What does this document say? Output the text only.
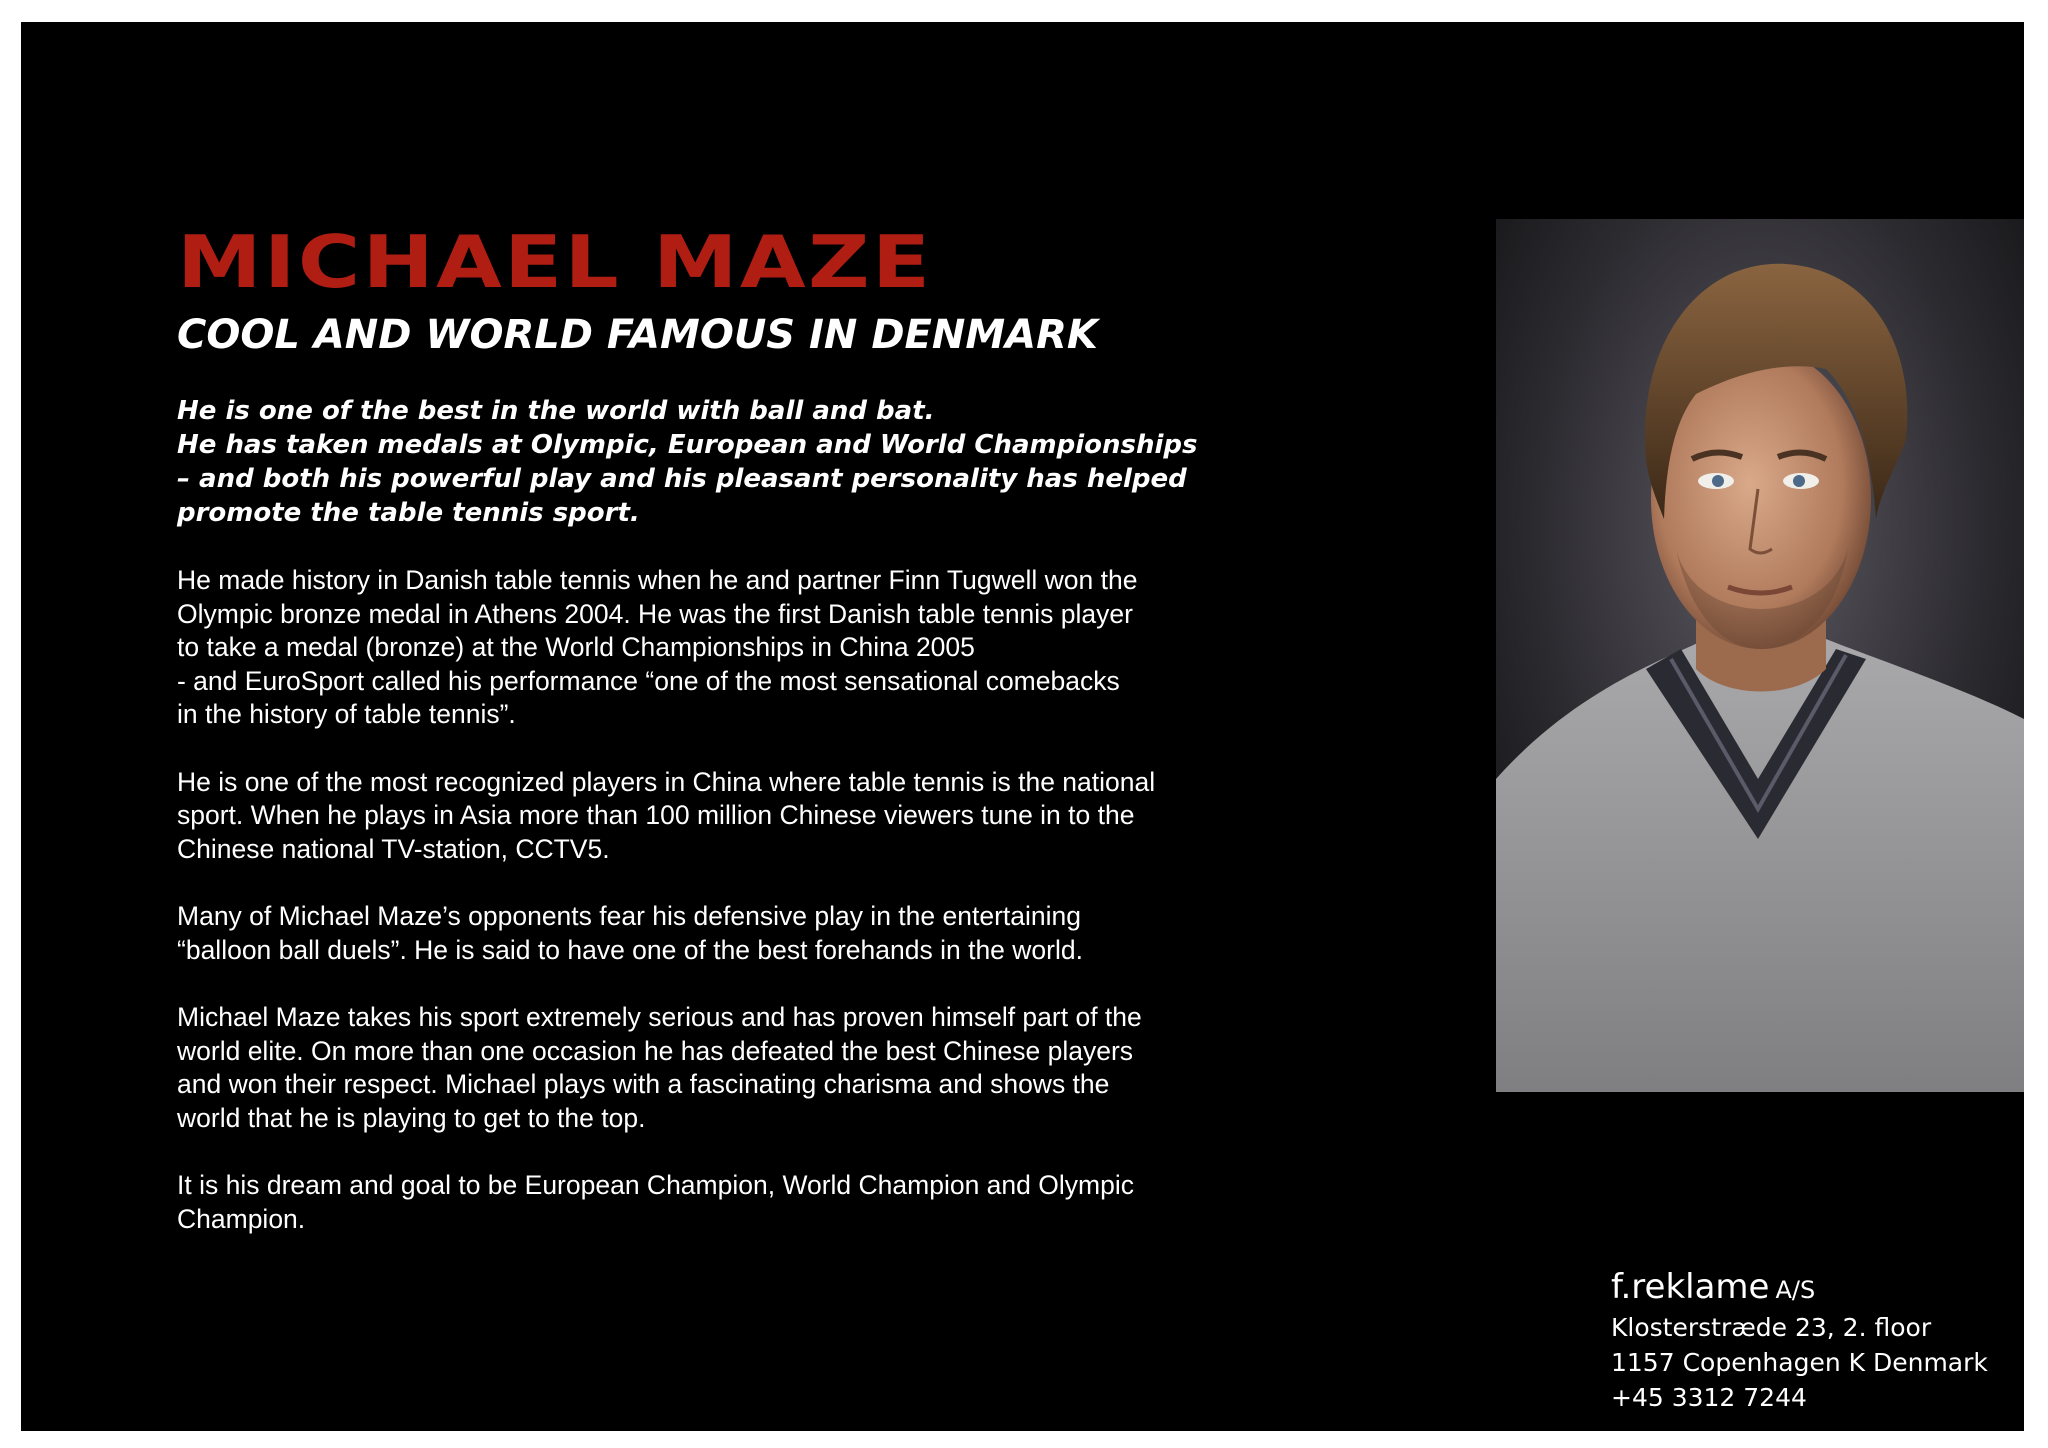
MICHAEL MAZE
COOL AND WORLD FAMOUS IN DENMARK
He is one of the best in the world with ball and bat.
He has taken medals at Olympic, European and World Championships
– and both his powerful play and his pleasant personality has helped
promote the table tennis sport.
He made history in Danish table tennis when he and partner Finn Tugwell won the
Olympic bronze medal in Athens 2004. He was the first Danish table tennis player
to take a medal (bronze) at the World Championships in China 2005
- and EuroSport called his performance “one of the most sensational comebacks
in the history of table tennis”.
He is one of the most recognized players in China where table tennis is the national
sport. When he plays in Asia more than 100 million Chinese viewers tune in to the
Chinese national TV-station, CCTV5.
Many of Michael Maze’s opponents fear his defensive play in the entertaining
“balloon ball duels”. He is said to have one of the best forehands in the world.
Michael Maze takes his sport extremely serious and has proven himself part of the
world elite. On more than one occasion he has defeated the best Chinese players
and won their respect. Michael plays with a fascinating charisma and shows the
world that he is playing to get to the top.
It is his dream and goal to be European Champion, World Champion and Olympic
Champion.
f.reklame A/S
Klosterstræde 23, 2. floor
1157 Copenhagen K Denmark
+45 3312 7244
